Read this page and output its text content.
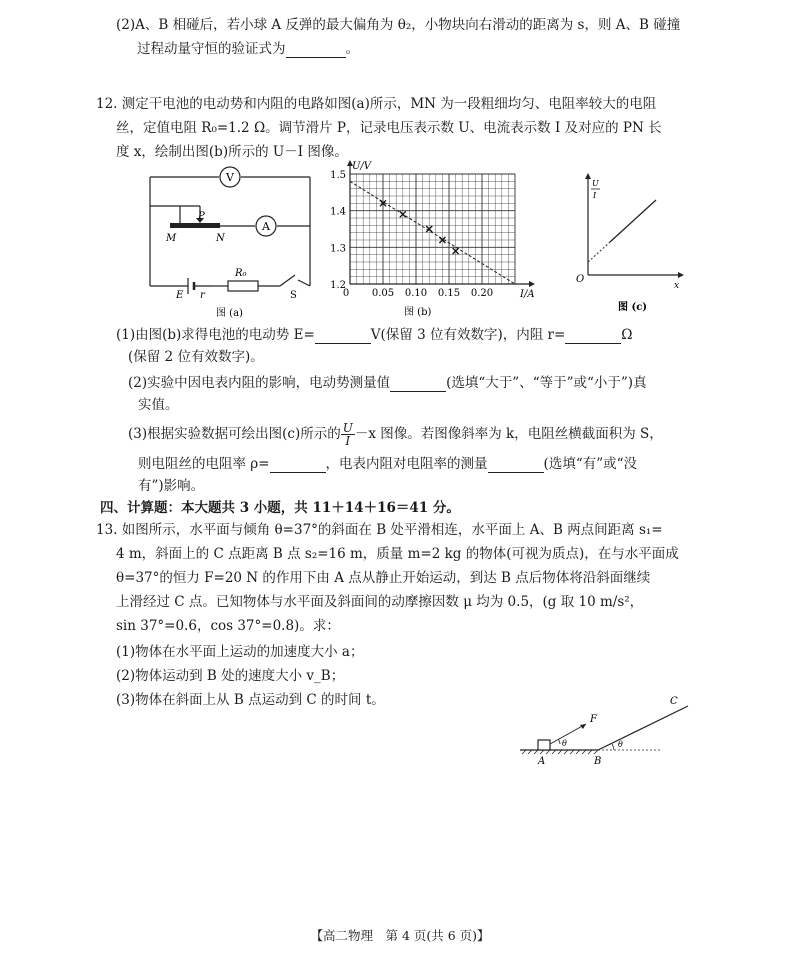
(2)A、B 相碰后，若小球 A 反弹的最大偏角为 θ₂，小物块向右滑动的距离为 s，则 A、B 碰撞
过程动量守恒的验证式为	。
12. 测定干电池的电动势和内阻的电路如图(a)所示，MN 为一段粗细均匀、电阻率较大的电阻
丝，定值电阻 R₀=1.2 Ω。调节滑片 P，记录电压表示数 U、电流表示数 I 及对应的 PN 长
度 x，绘制出图(b)所示的 U－I 图像。
V
A
P
M	N
E r
R₀
S
图 (a)
0 0.05 0.10 0.15 0.20
1.2
1.3
1.4
1.5
I/A
U/V
图 (b)
O
x
U
I
图 (c)
(1)由图(b)求得电池的电动势 E=	V(保留 3 位有效数字)，内阻 r=	Ω
(保留 2 位有效数字)。
(2)实验中因电表内阻的影响，电动势测量值	(选填“大于”、“等于”或“小于”)真
实值。
(3)根据实验数据可绘出图(c)所示的 $\frac{U}{I} -x$ 图像。若图像斜率为 k，电阻丝横截面积为 S，
则电阻丝的电阻率 ρ=	，电表内阻对电阻率的测量	(选填“有”或“没
有”)影响。
四、计算题：本大题共 3 小题，共 11＋14＋16＝41 分。
13. 如图所示，水平面与倾角 θ=37°的斜面在 B 处平滑相连，水平面上 A、B 两点间距离 s₁=
4 m，斜面上的 C 点距离 B 点 s₂=16 m，质量 m=2 kg 的物体(可视为质点)，在与水平面成
θ=37°的恒力 F=20 N 的作用下由 A 点从静止开始运动，到达 B 点后物体将沿斜面继续
上滑经过 C 点。已知物体与水平面及斜面间的动摩擦因数 μ 均为 0.5，(g 取 10 m/s²，
sin 37°=0.6，cos 37°=0.8)。求：
(1)物体在水平面上运动的加速度大小 a；
(2)物体运动到 B 处的速度大小 v_B；
(3)物体在斜面上从 B 点运动到 C 的时间 t。
F
θ	θ
A	B
C
【高二物理　第 4 页(共 6 页)】
